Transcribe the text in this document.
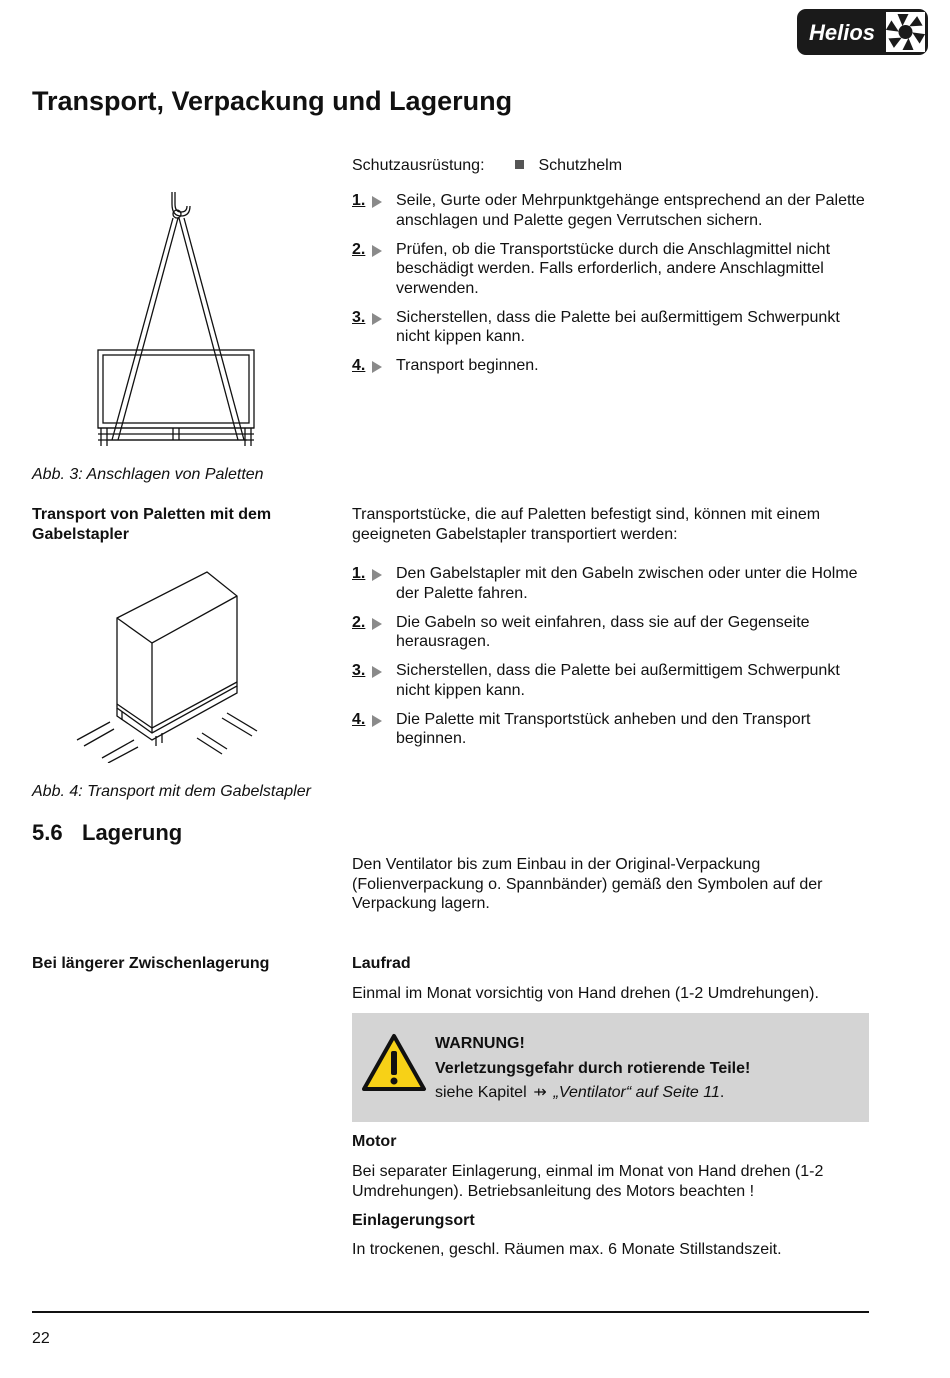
Helios
Transport, Verpackung und Lagerung
Schutzausrüstung:	Schutzhelm
1. Seile, Gurte oder Mehrpunktgehänge entsprechend an der Palette anschlagen und Palette gegen Verrutschen sichern.
2. Prüfen, ob die Transportstücke durch die Anschlagmittel nicht beschädigt werden. Falls erforderlich, andere Anschlagmittel verwenden.
3. Sicherstellen, dass die Palette bei außermittigem Schwerpunkt nicht kippen kann.
4. Transport beginnen.
Abb. 3: Anschlagen von Paletten
Transport von Paletten mit dem Gabelstapler
Transportstücke, die auf Paletten befestigt sind, können mit einem geeigneten Gabelstapler transportiert werden:
1. Den Gabelstapler mit den Gabeln zwischen oder unter die Holme der Palette fahren.
2. Die Gabeln so weit einfahren, dass sie auf der Gegenseite herausragen.
3. Sicherstellen, dass die Palette bei außermittigem Schwerpunkt nicht kippen kann.
4. Die Palette mit Transportstück anheben und den Transport beginnen.
Abb. 4: Transport mit dem Gabelstapler
5.6 Lagerung
Den Ventilator bis zum Einbau in der Original-Verpackung (Folienverpackung o. Spannbänder) gemäß den Symbolen auf der Verpackung lagern.
Bei längerer Zwischenlagerung	Laufrad
Einmal im Monat vorsichtig von Hand drehen (1-2 Umdrehungen).
WARNUNG!
Verletzungsgefahr durch rotierende Teile!
siehe Kapitel ⇸ „Ventilator“ auf Seite 11.
Motor
Bei separater Einlagerung, einmal im Monat von Hand drehen (1-2 Umdrehungen). Betriebsanleitung des Motors beachten !
Einlagerungsort
In trockenen, geschl. Räumen max. 6 Monate Stillstandszeit.
22
